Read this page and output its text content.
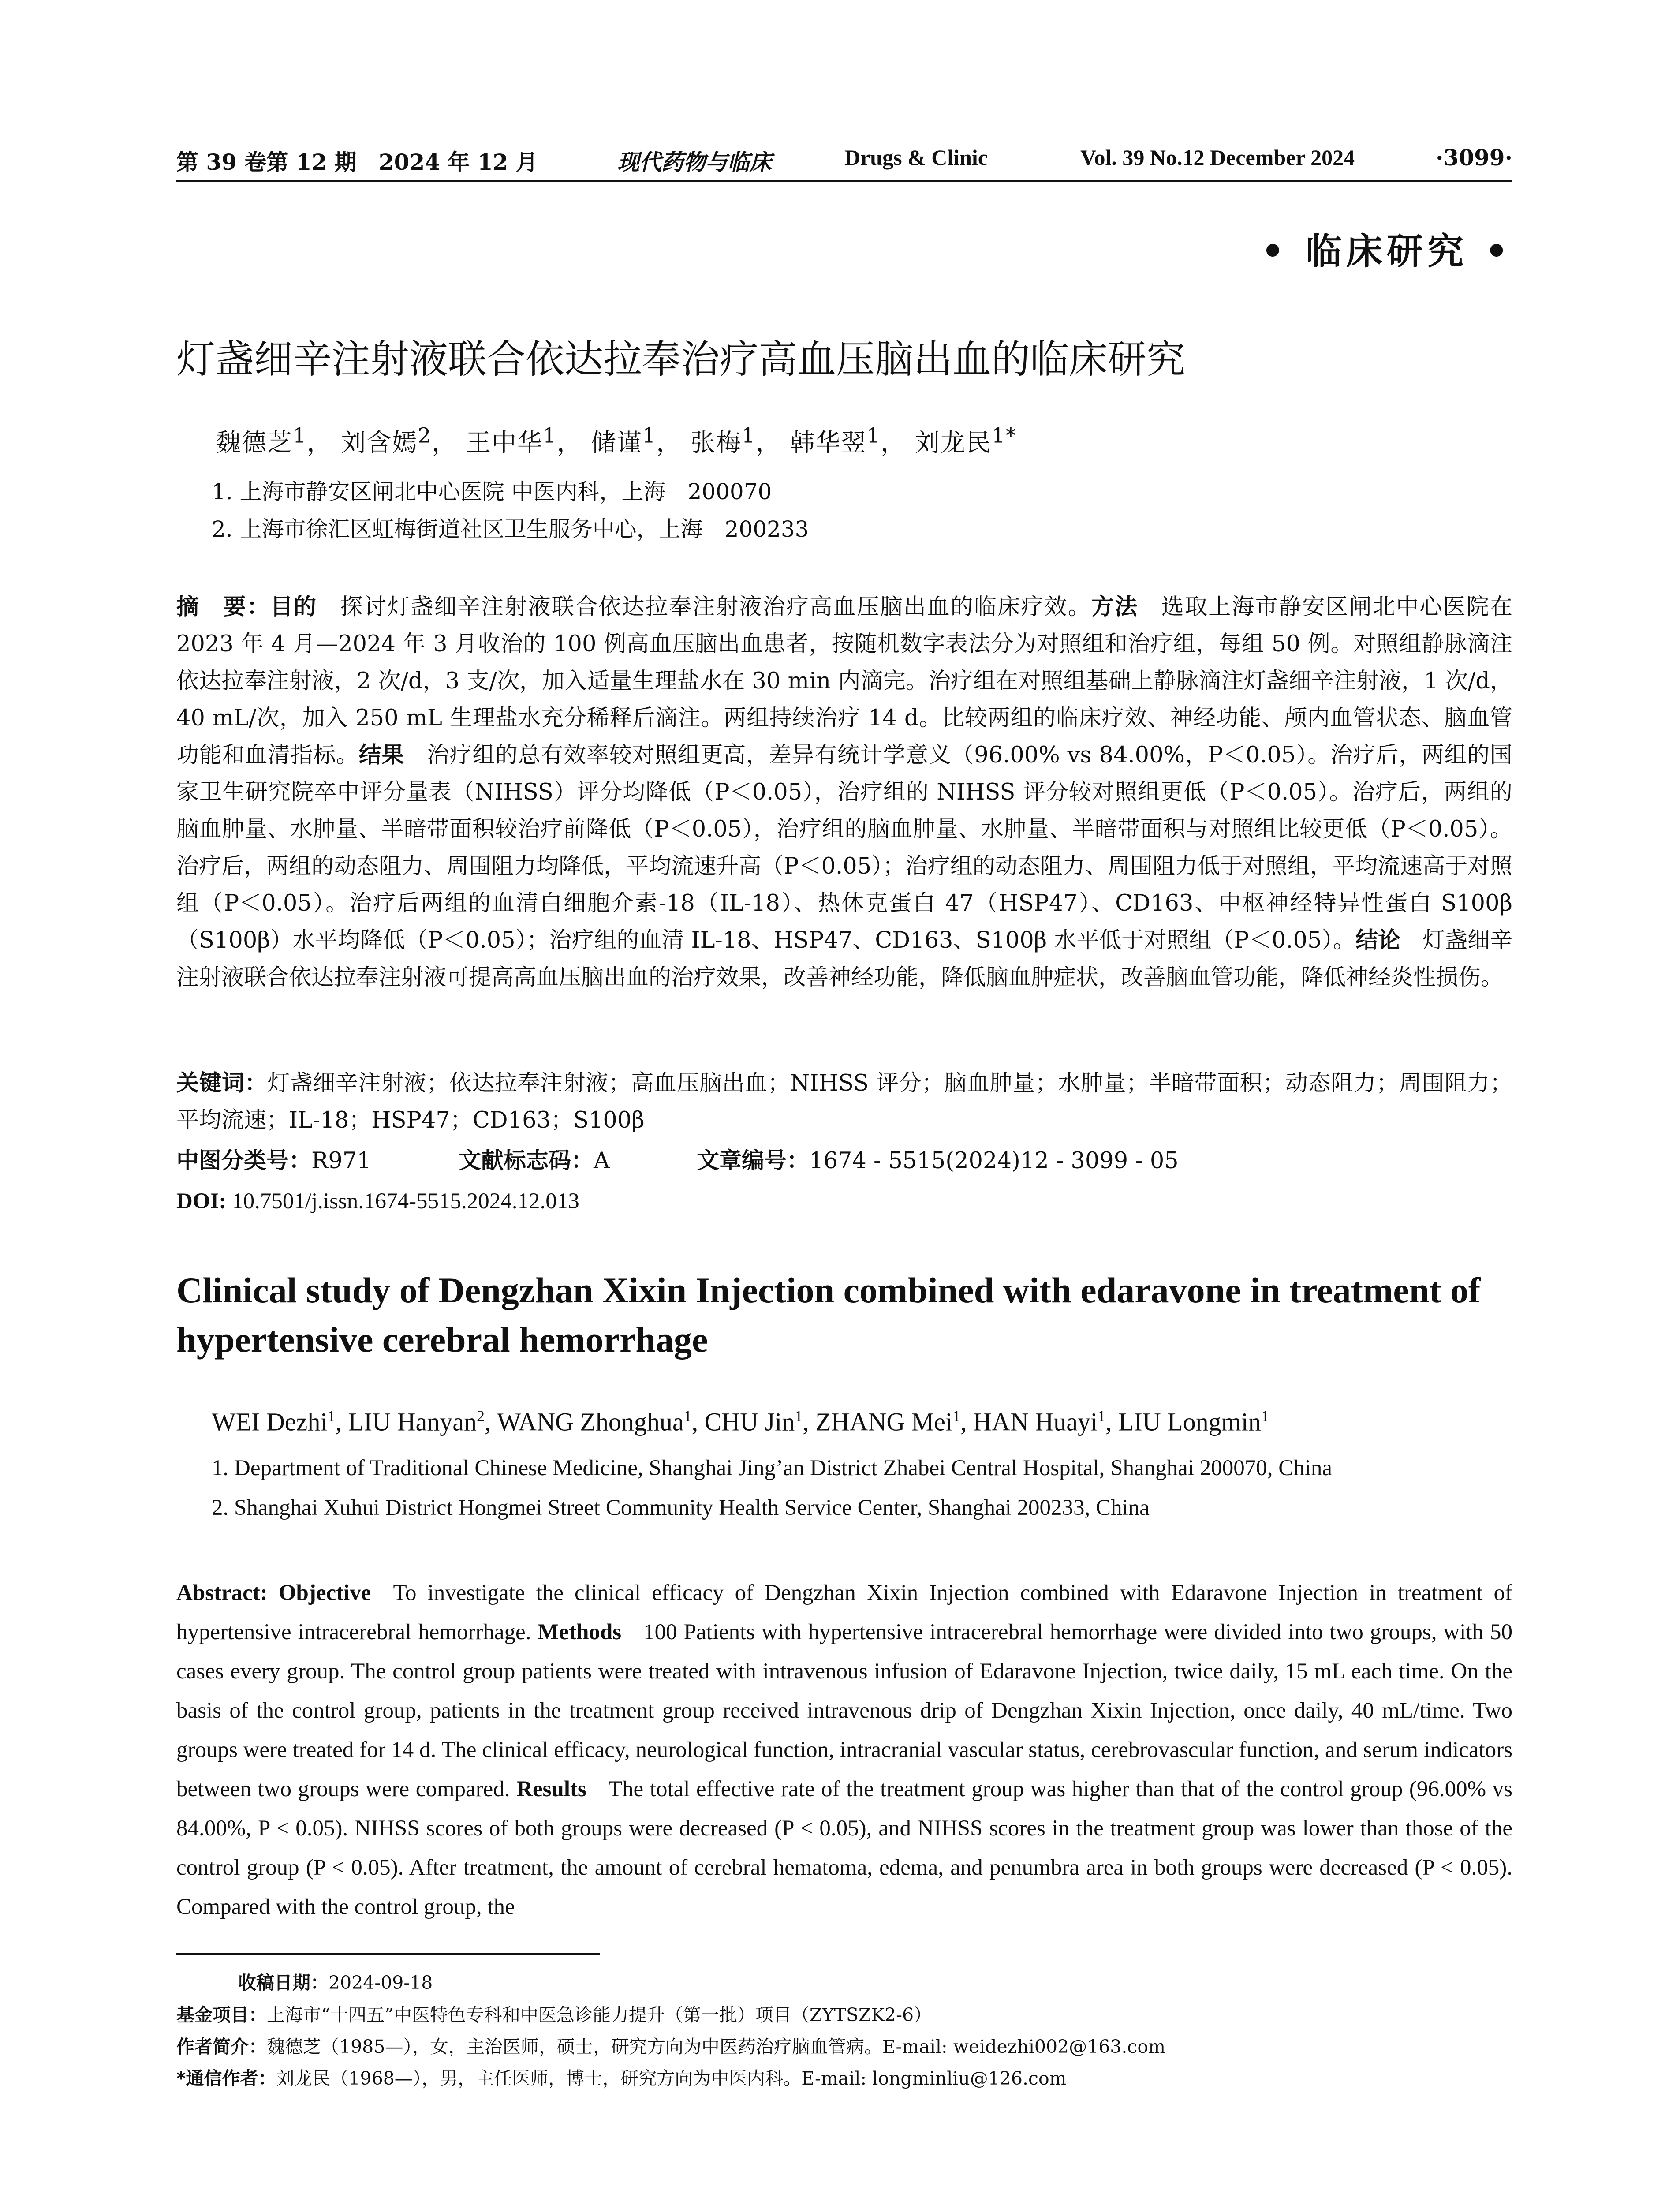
第 39 卷第 12 期　2024 年 12 月	现代药物与临床	Drugs & Clinic	Vol. 39 No.12 December 2024	·3099·
• 临床研究 •
灯盏细辛注射液联合依达拉奉治疗高血压脑出血的临床研究
魏德芝$^1$， 刘含嫣$^2$， 王中华$^1$， 储谨$^1$， 张梅$^1$， 韩华翌$^1$， 刘龙民$^{1*}$
1. 上海市静安区闸北中心医院 中医内科，上海　200070
2. 上海市徐汇区虹梅街道社区卫生服务中心，上海　200233
摘　要：目的 探讨灯盏细辛注射液联合依达拉奉注射液治疗高血压脑出血的临床疗效。方法 选取上海市静安区闸北中心医院在 2023 年 4 月—2024 年 3 月收治的 100 例高血压脑出血患者，按随机数字表法分为对照组和治疗组，每组 50 例。对照组静脉滴注依达拉奉注射液，2 次/d，3 支/次，加入适量生理盐水在 30 min 内滴完。治疗组在对照组基础上静脉滴注灯盏细辛注射液，1 次/d，40 mL/次，加入 250 mL 生理盐水充分稀释后滴注。两组持续治疗 14 d。比较两组的临床疗效、神经功能、颅内血管状态、脑血管功能和血清指标。结果 治疗组的总有效率较对照组更高，差异有统计学意义（96.00% vs 84.00%，P＜0.05）。治疗后，两组的国家卫生研究院卒中评分量表（NIHSS）评分均降低（P＜0.05），治疗组的 NIHSS 评分较对照组更低（P＜0.05）。治疗后，两组的脑血肿量、水肿量、半暗带面积较治疗前降低（P＜0.05），治疗组的脑血肿量、水肿量、半暗带面积与对照组比较更低（P＜0.05）。治疗后，两组的动态阻力、周围阻力均降低，平均流速升高（P＜0.05）；治疗组的动态阻力、周围阻力低于对照组，平均流速高于对照组（P＜0.05）。治疗后两组的血清白细胞介素-18（IL-18）、热休克蛋白 47（HSP47）、CD163、中枢神经特异性蛋白 S100β（S100β）水平均降低（P＜0.05）；治疗组的血清 IL-18、HSP47、CD163、S100β 水平低于对照组（P＜0.05）。结论 灯盏细辛注射液联合依达拉奉注射液可提高高血压脑出血的治疗效果，改善神经功能，降低脑血肿症状，改善脑血管功能，降低神经炎性损伤。
关键词：灯盏细辛注射液；依达拉奉注射液；高血压脑出血；NIHSS 评分；脑血肿量；水肿量；半暗带面积；动态阻力；周围阻力；平均流速；IL-18；HSP47；CD163；S100β
中图分类号：R971	文献标志码：A	文章编号：1674 - 5515(2024)12 - 3099 - 05
DOI: 10.7501/j.issn.1674-5515.2024.12.013
Clinical study of Dengzhan Xixin Injection combined with edaravone in treatment of hypertensive cerebral hemorrhage
WEI Dezhi$^1$, LIU Hanyan$^2$, WANG Zhonghua$^1$, CHU Jin$^1$, ZHANG Mei$^1$, HAN Huayi$^1$, LIU Longmin$^1$
1. Department of Traditional Chinese Medicine, Shanghai Jing’an District Zhabei Central Hospital, Shanghai 200070, China
2. Shanghai Xuhui District Hongmei Street Community Health Service Center, Shanghai 200233, China
Abstract: Objective To investigate the clinical efficacy of Dengzhan Xixin Injection combined with Edaravone Injection in treatment of hypertensive intracerebral hemorrhage. Methods 100 Patients with hypertensive intracerebral hemorrhage were divided into two groups, with 50 cases every group. The control group patients were treated with intravenous infusion of Edaravone Injection, twice daily, 15 mL each time. On the basis of the control group, patients in the treatment group received intravenous drip of Dengzhan Xixin Injection, once daily, 40 mL/time. Two groups were treated for 14 d. The clinical efficacy, neurological function, intracranial vascular status, cerebrovascular function, and serum indicators between two groups were compared. Results The total effective rate of the treatment group was higher than that of the control group (96.00% vs 84.00%, P < 0.05). NIHSS scores of both groups were decreased (P < 0.05), and NIHSS scores in the treatment group was lower than those of the control group (P < 0.05). After treatment, the amount of cerebral hematoma, edema, and penumbra area in both groups were decreased (P < 0.05). Compared with the control group, the
收稿日期：2024-09-18
基金项目：上海市“十四五”中医特色专科和中医急诊能力提升（第一批）项目（ZYTSZK2-6）
作者简介：魏德芝（1985—），女，主治医师，硕士，研究方向为中医药治疗脑血管病。E-mail: weidezhi002@163.com
*通信作者：刘龙民（1968—），男，主任医师，博士，研究方向为中医内科。E-mail: longminliu@126.com
